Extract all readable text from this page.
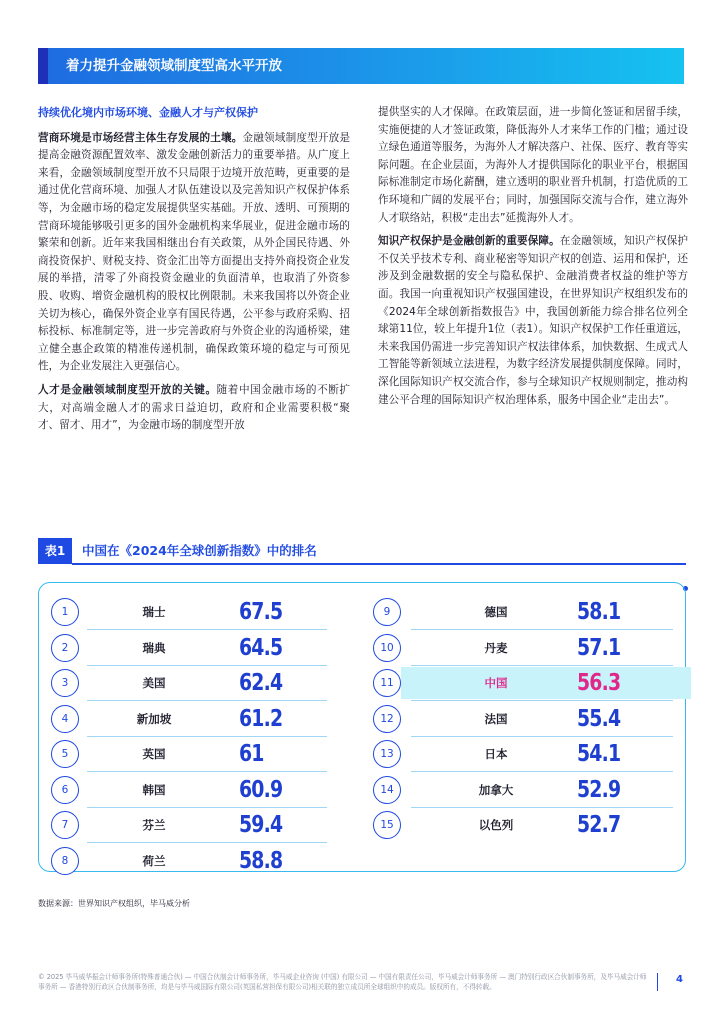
着力提升金融领域制度型高水平开放
持续优化境内市场环境、金融人才与产权保护

营商环境是市场经营主体生存发展的土壤。金融领域制度型开放是提高金融资源配置效率、激发金融创新活力的重要举措。从广度上来看，金融领域制度型开放不只局限于边境开放范畴，更重要的是通过优化营商环境、加强人才队伍建设以及完善知识产权保护体系等，为金融市场的稳定发展提供坚实基础。开放、透明、可预期的营商环境能够吸引更多的国外金融机构来华展业，促进金融市场的繁荣和创新。近年来我国相继出台有关政策，从外企国民待遇、外商投资保护、财税支持、资金汇出等方面提出支持外商投资企业发展的举措，清零了外商投资金融业的负面清单，也取消了外资参股、收购、增资金融机构的股权比例限制。未来我国将以外资企业关切为核心，确保外资企业享有国民待遇，公平参与政府采购、招标投标、标准制定等，进一步完善政府与外资企业的沟通桥梁，建立健全惠企政策的精准传递机制，确保政策环境的稳定与可预见性，为企业发展注入更强信心。

人才是金融领域制度型开放的关键。随着中国金融市场的不断扩大，对高端金融人才的需求日益迫切，政府和企业需要积极“聚才、留才、用才”，为金融市场的制度型开放

提供坚实的人才保障。在政策层面，进一步简化签证和居留手续，实施便捷的人才签证政策，降低海外人才来华工作的门槛；通过设立绿色通道等服务，为海外人才解决落户、社保、医疗、教育等实际问题。在企业层面，为海外人才提供国际化的职业平台，根据国际标准制定市场化薪酬，建立透明的职业晋升机制，打造优质的工作环境和广阔的发展平台；同时，加强国际交流与合作，建立海外人才联络站，积极“走出去”延揽海外人才。

知识产权保护是金融创新的重要保障。在金融领域，知识产权保护不仅关乎技术专利、商业秘密等知识产权的创造、运用和保护，还涉及到金融数据的安全与隐私保护、金融消费者权益的维护等方面。我国一向重视知识产权强国建设，在世界知识产权组织发布的《2024年全球创新指数报告》中，我国创新能力综合排名位列全球第11位，较上年提升1位（表1）。知识产权保护工作任重道远，未来我国仍需进一步完善知识产权法律体系，加快数据、生成式人工智能等新领域立法进程，为数字经济发展提供制度保障。同时，深化国际知识产权交流合作，参与全球知识产权规则制定，推动构建公平合理的国际知识产权治理体系，服务中国企业“走出去”。

表1	中国在《2024年全球创新指数》中的排名
1	瑞士	67.5
2	瑞典	64.5
3	美国	62.4
4	新加坡	61.2
5	英国	61
6	韩国	60.9
7	芬兰	59.4
8	荷兰	58.8
9	德国	58.1
10	丹麦	57.1
11	中国	56.3
12	法国	55.4
13	日本	54.1
14	加拿大	52.9
15	以色列	52.7
数据来源：世界知识产权组织，毕马威分析
© 2025 毕马威华振会计师事务所(特殊普通合伙) — 中国合伙制会计师事务所，毕马威企业咨询 (中国) 有限公司 — 中国有限责任公司，毕马威会计师事务所 — 澳门特别行政区合伙制事务所，及毕马威会计师事务所 — 香港特别行政区合伙制事务所，均是与毕马威国际有限公司(英国私营担保有限公司)相关联的独立成员所全球组织中的成员。版权所有，不得转载。
4
